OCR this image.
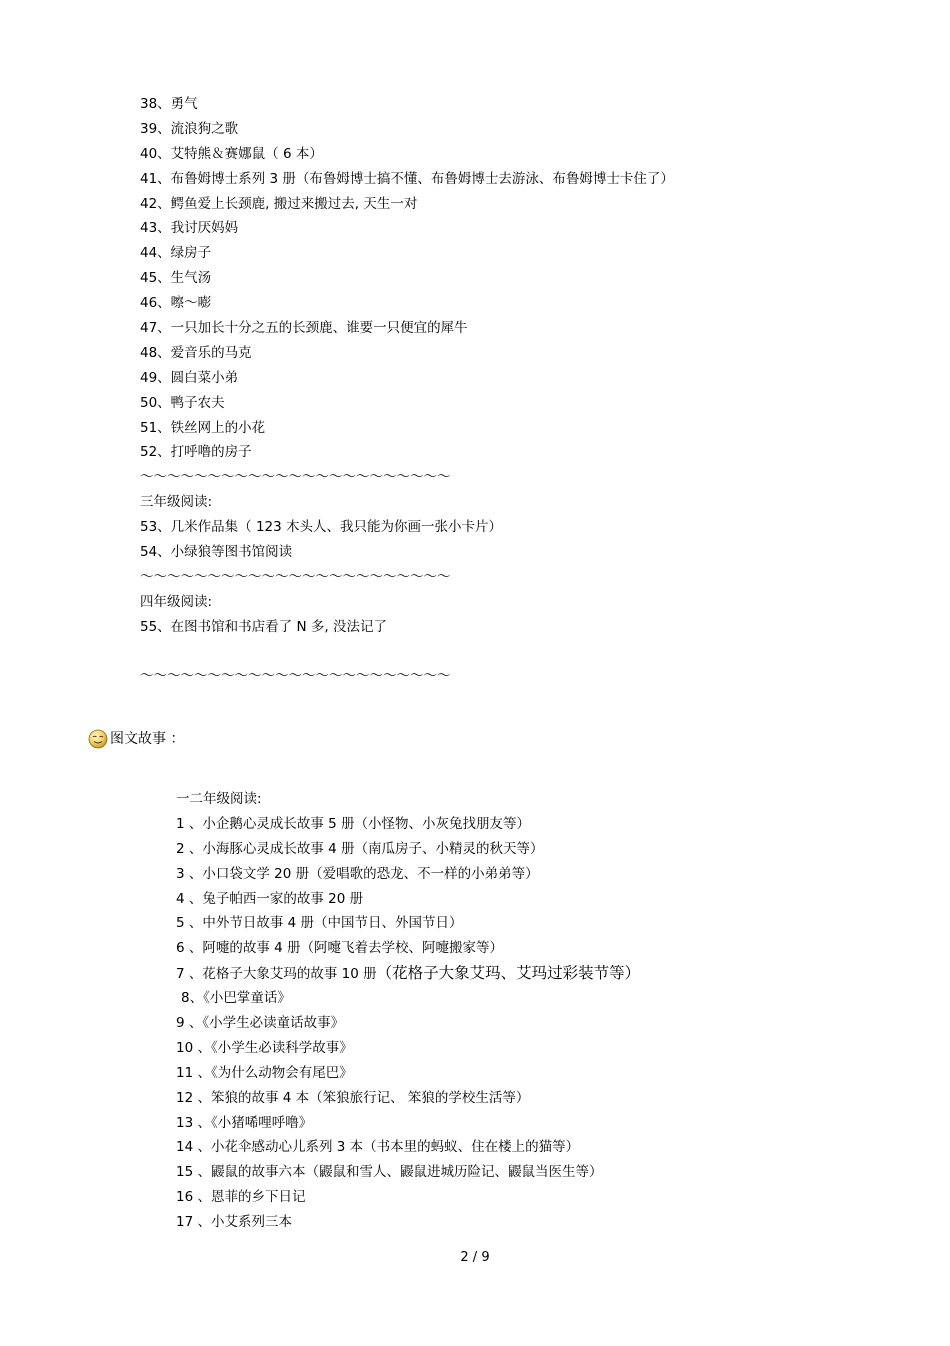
38、勇气
39、流浪狗之歌
40、艾特熊＆赛娜鼠（ 6 本）
41、布鲁姆博士系列 3 册（布鲁姆博士搞不懂、布鲁姆博士去游泳、布鲁姆博士卡住了）
42、鳄鱼爱上长颈鹿, 搬过来搬过去, 天生一对
43、我讨厌妈妈
44、绿房子
45、生气汤
46、嚓～嘭
47、一只加长十分之五的长颈鹿、谁要一只便宜的犀牛
48、爱音乐的马克
49、圆白菜小弟
50、鸭子农夫
51、铁丝网上的小花
52、打呼噜的房子
～～～～～～～～～～～～～～～～～～～～～～～
三年级阅读:
53、几米作品集（ 123 木头人、我只能为你画一张小卡片）
54、小绿狼等图书馆阅读
～～～～～～～～～～～～～～～～～～～～～～～
四年级阅读:
55、在图书馆和书店看了 N 多, 没法记了
～～～～～～～～～～～～～～～～～～～～～～～
图文故事 ：
一二年级阅读:
1 、小企鹅心灵成长故事 5 册（小怪物、小灰兔找朋友等）
2 、小海豚心灵成长故事 4 册（南瓜房子、小精灵的秋天等）
3 、小口袋文学 20 册（爱唱歌的恐龙、不一样的小弟弟等）
4 、兔子帕西一家的故事 20 册
5 、中外节日故事 4 册（中国节日、外国节日）
6 、阿嚏的故事 4 册（阿嚏飞着去学校、阿嚏搬家等）
7 、花格子大象艾玛的故事 10 册（花格子大象艾玛、艾玛过彩装节等）
8、《小巴掌童话》
9 、《小学生必读童话故事》
10 、《小学生必读科学故事》
11 、《为什么动物会有尾巴》
12 、笨狼的故事 4 本（笨狼旅行记、 笨狼的学校生活等）
13 、《小猪唏哩呼噜》
14 、小花伞感动心儿系列 3 本（书本里的蚂蚁、住在楼上的猫等）
15 、鼹鼠的故事六本（鼹鼠和雪人、鼹鼠进城历险记、鼹鼠当医生等）
16 、恩菲的乡下日记
17 、小艾系列三本
2 / 9
